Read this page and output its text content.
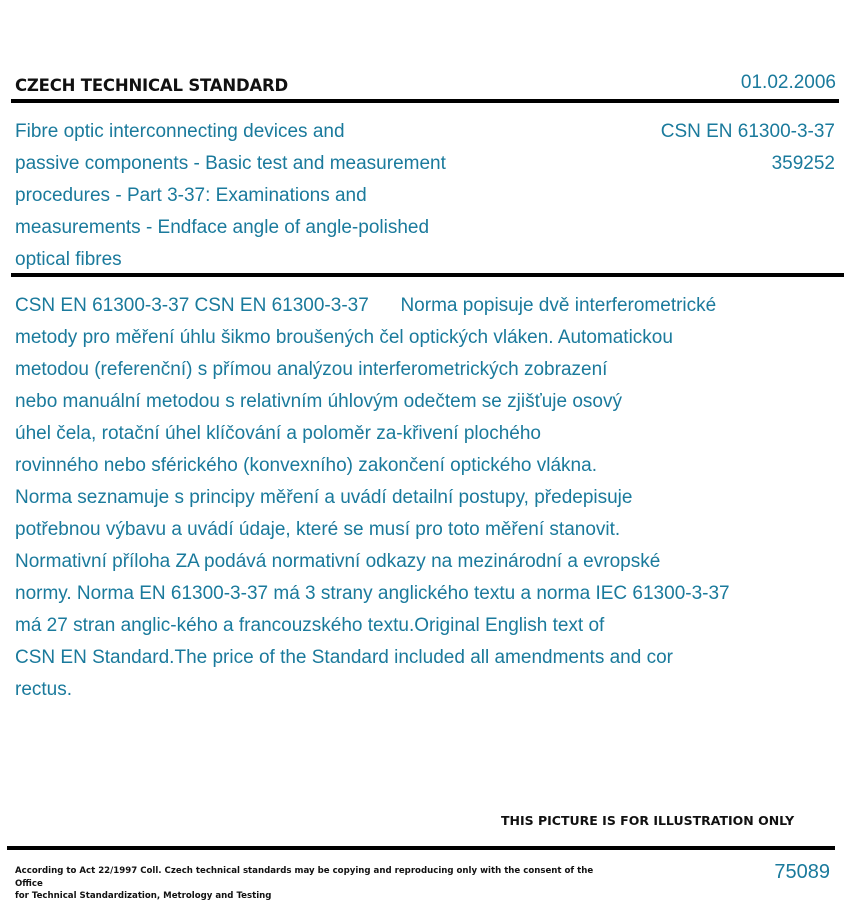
CZECH TECHNICAL STANDARD	01.02.2006
Fibre optic interconnecting devices and
passive components - Basic test and measurement
procedures - Part 3-37: Examinations and
measurements - Endface angle of angle-polished
optical fibres
CSN EN 61300-3-37
359252
CSN EN 61300-3-37 CSN EN 61300-3-37      Norma popisuje dvě interferometrické
metody pro měření úhlu šikmo broušených čel optických vláken. Automatickou
metodou (referenční) s přímou analýzou interferometrických zobrazení
nebo manuální metodou s relativním úhlovým odečtem se zjišťuje osový
úhel čela, rotační úhel klíčování a poloměr za-křivení plochého
rovinného nebo sférického (konvexního) zakončení optického vlákna.
Norma seznamuje s principy měření a uvádí detailní postupy, předepisuje
potřebnou výbavu a uvádí údaje, které se musí pro toto měření stanovit.
Normativní příloha ZA podává normativní odkazy na mezinárodní a evropské
normy. Norma EN 61300-3-37 má 3 strany anglického textu a norma IEC 61300-3-37
má 27 stran anglic-kého a francouzského textu.Original English text of
CSN EN Standard.The price of the Standard included all amendments and cor
rectus.
THIS PICTURE IS FOR ILLUSTRATION ONLY
According to Act 22/1997 Coll. Czech technical standards may be copying and reproducing only with the consent of the Office
for Technical Standardization, Metrology and Testing
75089
